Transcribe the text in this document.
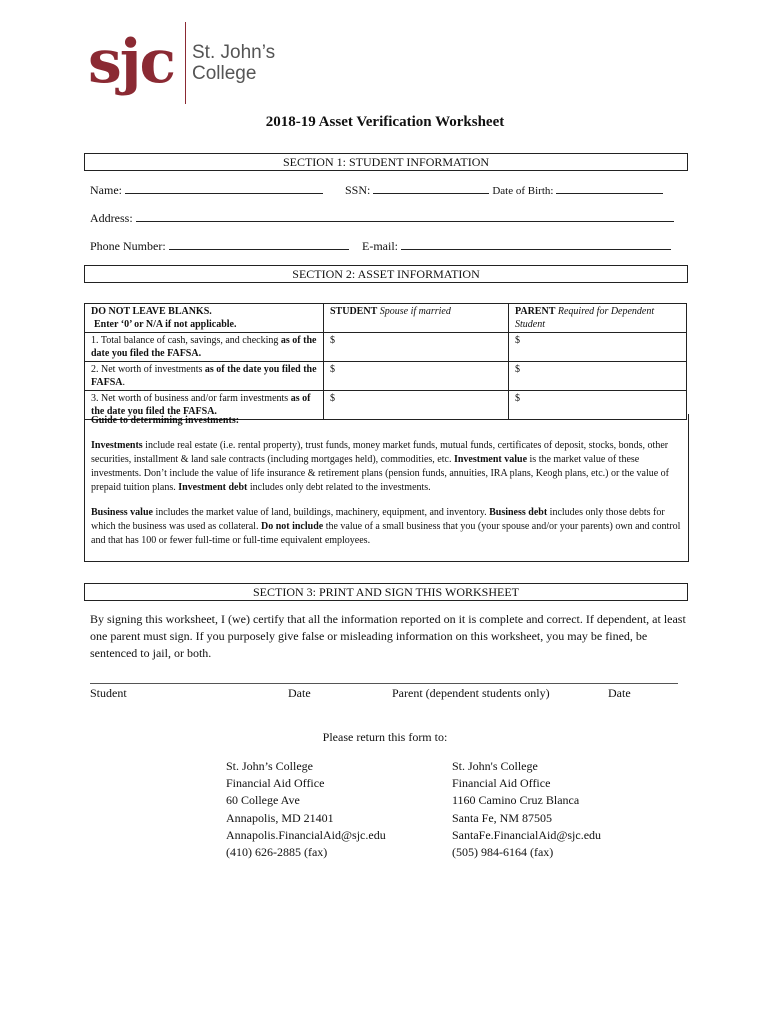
sjc St. John’s
College
2018-19 Asset Verification Worksheet
SECTION 1: STUDENT INFORMATION
Name:	SSN:	Date of Birth:
Address:
Phone Number:	E-mail:
SECTION 2: ASSET INFORMATION
DO NOT LEAVE BLANKS.
Enter ‘0’ or N/A if not applicable.	STUDENT Spouse if married	PARENT Required for Dependent Student
1. Total balance of cash, savings, and checking as of the date you filed the FAFSA.	$	$
2. Net worth of investments as of the date you filed the FAFSA.	$	$
3. Net worth of business and/or farm investments as of the date you filed the FAFSA.	$	$

Guide to determining investments:

Investments include real estate (i.e. rental property), trust funds, money market funds, mutual funds, certificates of deposit, stocks, bonds, other securities, installment & land sale contracts (including mortgages held), commodities, etc. Investment value is the market value of these investments. Don’t include the value of life insurance & retirement plans (pension funds, annuities, IRA plans, Keogh plans, etc.) or the value of prepaid tuition plans. Investment debt includes only debt related to the investments.

Business value includes the market value of land, buildings, machinery, equipment, and inventory. Business debt includes only those debts for which the business was used as collateral. Do not include the value of a small business that you (your spouse and/or your parents) own and control and that has 100 or fewer full-time or full-time equivalent employees.

SECTION 3: PRINT AND SIGN THIS WORKSHEET
By signing this worksheet, I (we) certify that all the information reported on it is complete and correct. If dependent, at least one parent must sign. If you purposely give false or misleading information on this worksheet, you may be fined, be sentenced to jail, or both.
Student	Date	Parent (dependent students only)	Date
Please return this form to:
St. John’s College
Financial Aid Office
60 College Ave
Annapolis, MD 21401
Annapolis.FinancialAid@sjc.edu
(410) 626-2885 (fax)
St. John's College
Financial Aid Office
1160 Camino Cruz Blanca
Santa Fe, NM 87505
SantaFe.FinancialAid@sjc.edu
(505) 984-6164 (fax)
